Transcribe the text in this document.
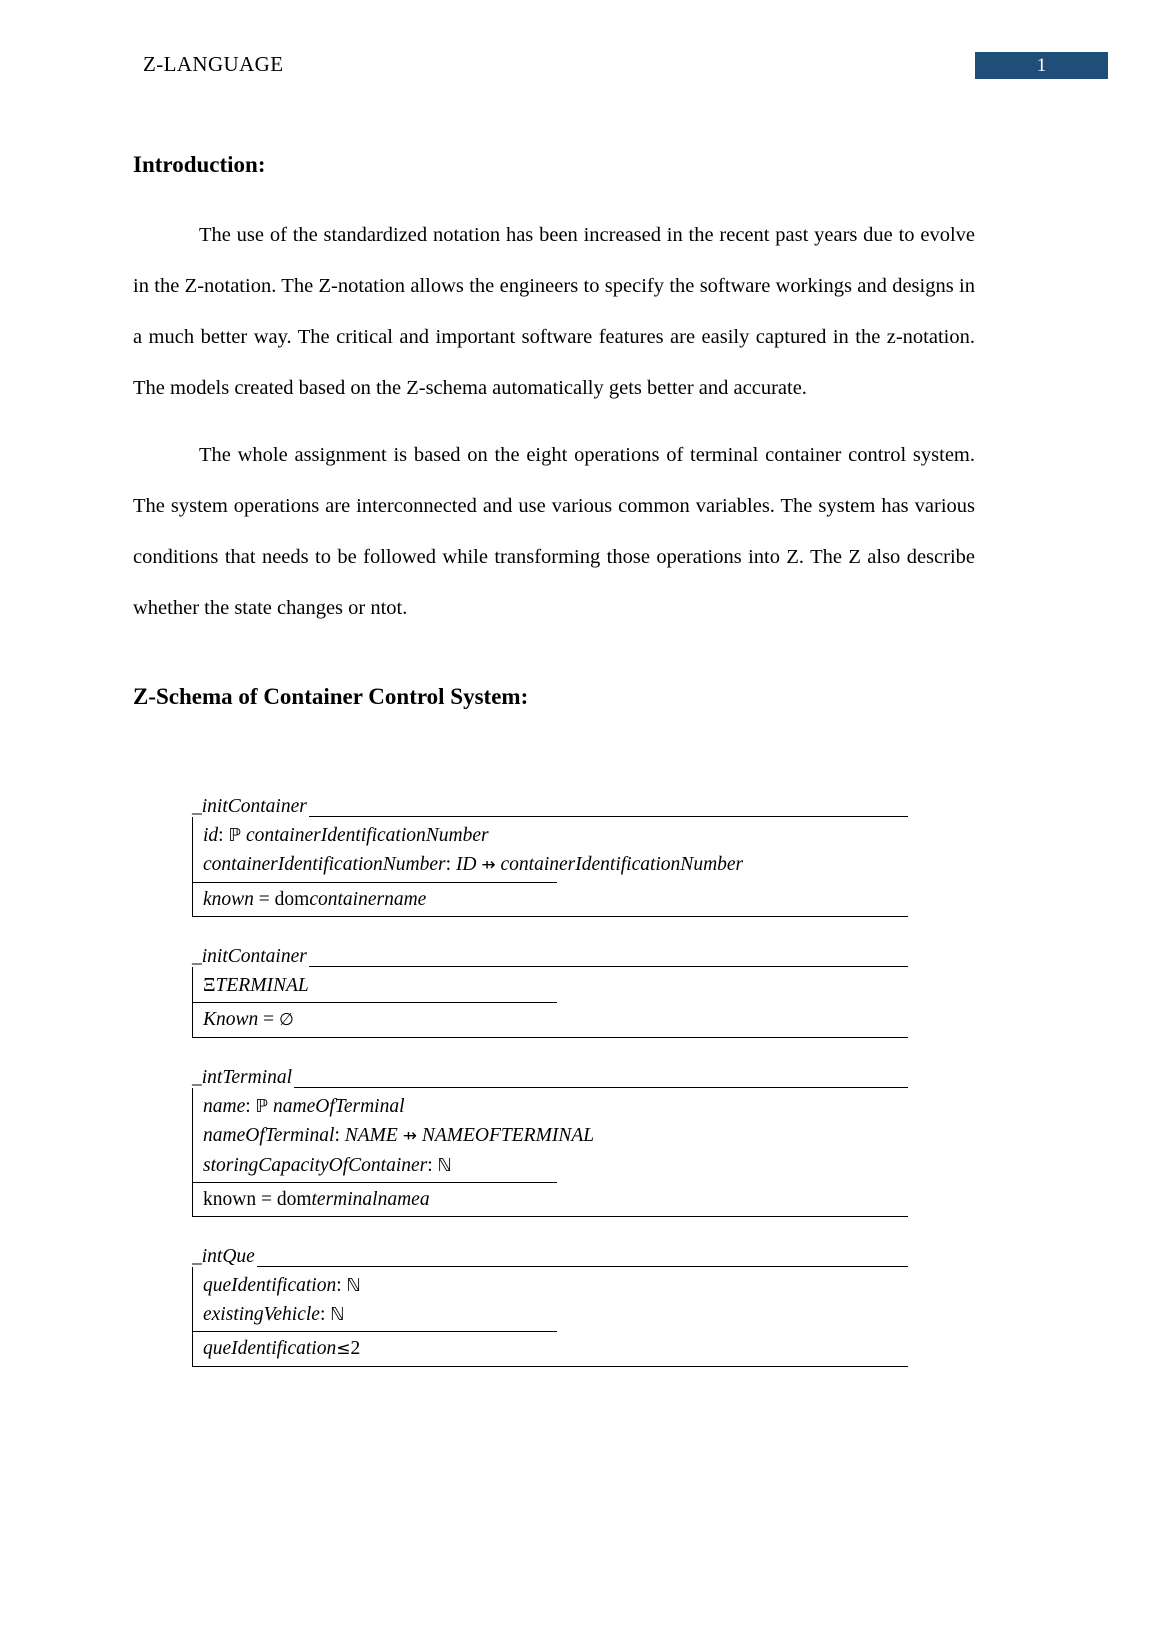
Z-LANGUAGE	1
Introduction:

The use of the standardized notation has been increased in the recent past years due to evolve in the Z-notation. The Z-notation allows the engineers to specify the software workings and designs in a much better way. The critical and important software features are easily captured in the z-notation. The models created based on the Z-schema automatically gets better and accurate.

The whole assignment is based on the eight operations of terminal container control system. The system operations are interconnected and use various common variables. The system has various conditions that needs to be followed while transforming those operations into Z. The Z also describe whether the state changes or ntot.

Z-Schema of Container Control System:
_initContainer
id: ℙ containerIdentificationNumber
containerIdentificationNumber: ID ⇸ containerIdentificationNumber
known = domcontainername
_initContainer
ΞTERMINAL
Known = ∅
_intTerminal
name: ℙ nameOfTerminal
nameOfTerminal: NAME ⇸ NAMEOFTERMINAL
storingCapacityOfContainer: ℕ
known = domterminalnamea
_intQue
queIdentification: ℕ
existingVehicle: ℕ
queIdentification≤2
